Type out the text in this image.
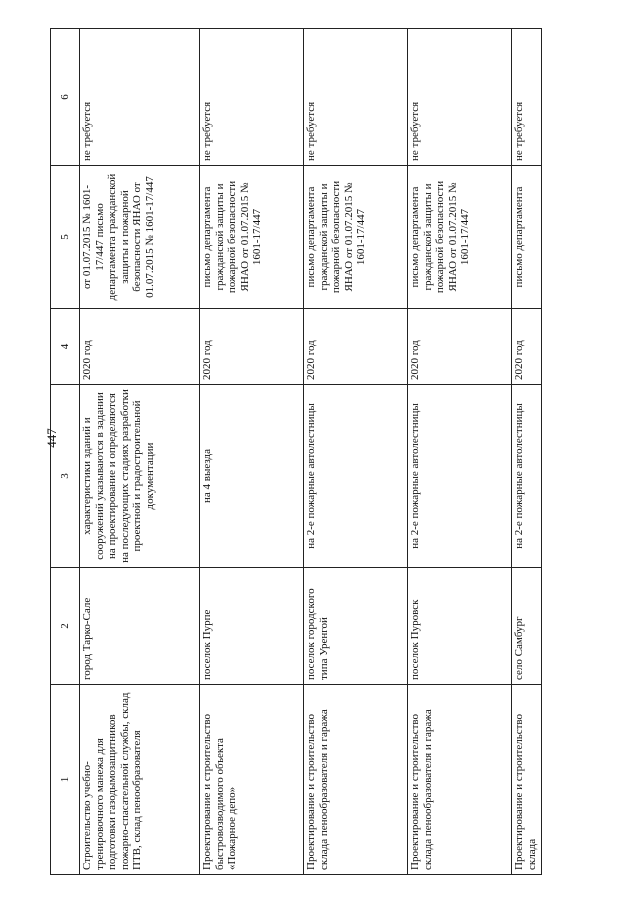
447
1	2	3	4	5	6
Строительство учебно-тренировочного манежа для подготовки газодымозащитников пожарно-спасательной службы, склад ПТВ, склад пенообразователя	город Тарко-Сале	характеристики зданий и сооружений указываются в задании на проектирование и определяются на последующих стадиях разработки проектной и градостроительной документации	2020 год	от 01.07.2015 № 1601-17/447 письмо департамента гражданской защиты и пожарной безопасности ЯНАО от 01.07.2015 № 1601-17/447	не требуется
Проектирование и строительство быстровозводимого объекта «Пожарное депо»	поселок Пурпе	на 4 выезда	2020 год	письмо департамента гражданской защиты и пожарной безопасности ЯНАО от 01.07.2015 № 1601-17/447	не требуется
Проектирование и строительство склада пенообразователя и гаража	поселок городского типа Уренгой	на 2-е пожарные автолестницы	2020 год	письмо департамента гражданской защиты и пожарной безопасности ЯНАО от 01.07.2015 № 1601-17/447	не требуется
Проектирование и строительство склада пенообразователя и гаража	поселок Пуровск	на 2-е пожарные автолестницы	2020 год	письмо департамента гражданской защиты и пожарной безопасности ЯНАО от 01.07.2015 № 1601-17/447	не требуется
Проектирование и строительство склада	село Самбург	на 2-е пожарные автолестницы	2020 год	письмо департамента	не требуется
